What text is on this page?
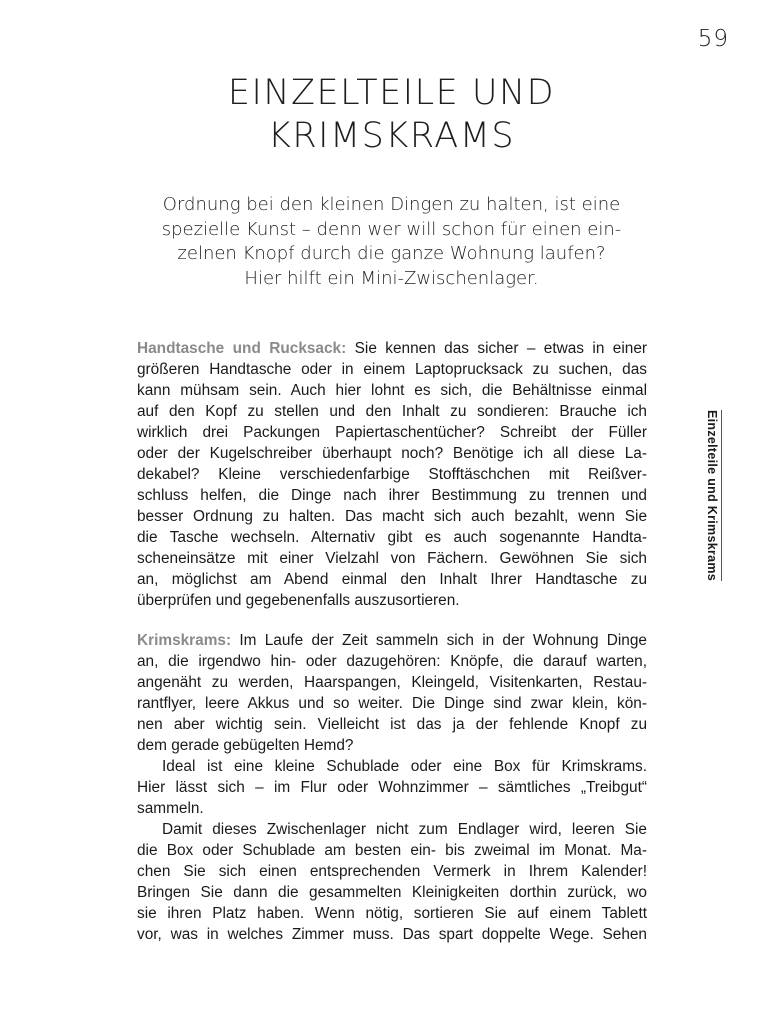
59
EINZELTEILE UND
KRIMSKRAMS
Ordnung bei den kleinen Dingen zu halten, ist eine
spezielle Kunst – denn wer will schon für einen ein-
zelnen Knopf durch die ganze Wohnung laufen?
Hier hilft ein Mini-Zwischenlager.
Handtasche und Rucksack: Sie kennen das sicher – etwas in einer
größeren Handtasche oder in einem Laptoprucksack zu suchen, das
kann mühsam sein. Auch hier lohnt es sich, die Behältnisse einmal
auf den Kopf zu stellen und den Inhalt zu sondieren: Brauche ich
wirklich drei Packungen Papiertaschentücher? Schreibt der Füller
oder der Kugelschreiber überhaupt noch? Benötige ich all diese La-
dekabel? Kleine verschiedenfarbige Stofftäschchen mit Reißver-
schluss helfen, die Dinge nach ihrer Bestimmung zu trennen und
besser Ordnung zu halten. Das macht sich auch bezahlt, wenn Sie
die Tasche wechseln. Alternativ gibt es auch sogenannte Handta-
scheneinsätze mit einer Vielzahl von Fächern. Gewöhnen Sie sich
an, möglichst am Abend einmal den Inhalt Ihrer Handtasche zu
überprüfen und gegebenenfalls auszusortieren.
Krimskrams: Im Laufe der Zeit sammeln sich in der Wohnung Dinge
an, die irgendwo hin- oder dazugehören: Knöpfe, die darauf warten,
angenäht zu werden, Haarspangen, Kleingeld, Visitenkarten, Restau-
rantflyer, leere Akkus und so weiter. Die Dinge sind zwar klein, kön-
nen aber wichtig sein. Vielleicht ist das ja der fehlende Knopf zu
dem gerade gebügelten Hemd?
Ideal ist eine kleine Schublade oder eine Box für Krimskrams.
Hier lässt sich – im Flur oder Wohnzimmer – sämtliches „Treibgut“
sammeln.
Damit dieses Zwischenlager nicht zum Endlager wird, leeren Sie
die Box oder Schublade am besten ein- bis zweimal im Monat. Ma-
chen Sie sich einen entsprechenden Vermerk in Ihrem Kalender!
Bringen Sie dann die gesammelten Kleinigkeiten dorthin zurück, wo
sie ihren Platz haben. Wenn nötig, sortieren Sie auf einem Tablett
vor, was in welches Zimmer muss. Das spart doppelte Wege. Sehen
Einzelteile und Krimskrams
